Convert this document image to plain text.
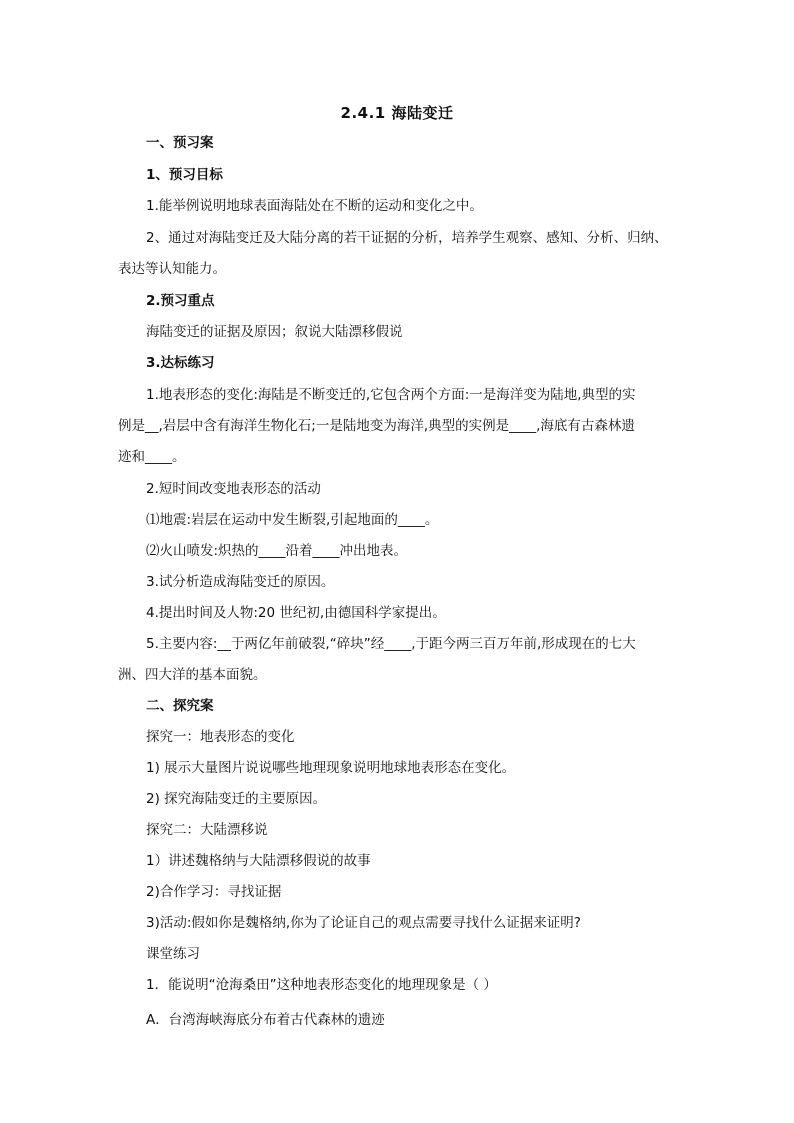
2.4.1 海陆变迁
一、预习案
1、预习目标
1.能举例说明地球表面海陆处在不断的运动和变化之中。
2、通过对海陆变迁及大陆分离的若干证据的分析，培养学生观察、感知、分析、归纳、
表达等认知能力。
2.预习重点
海陆变迁的证据及原因；叙说大陆漂移假说
3.达标练习
1.地表形态的变化:海陆是不断变迁的,它包含两个方面:一是海洋变为陆地,典型的实
例是__,岩层中含有海洋生物化石;一是陆地变为海洋,典型的实例是____,海底有古森林遗
迹和____。
2.短时间改变地表形态的活动
⑴地震:岩层在运动中发生断裂,引起地面的____。
⑵火山喷发:炽热的____沿着____冲出地表。
3.试分析造成海陆变迁的原因。
4.提出时间及人物:20 世纪初,由德国科学家提出。
5.主要内容:__于两亿年前破裂,“碎块”经____,于距今两三百万年前,形成现在的七大
洲、四大洋的基本面貌。
二、探究案
探究一：地表形态的变化
1) 展示大量图片说说哪些地理现象说明地球地表形态在变化。
2) 探究海陆变迁的主要原因。
探究二：大陆漂移说
1）讲述魏格纳与大陆漂移假说的故事
2)合作学习：寻找证据
3)活动:假如你是魏格纳,你为了论证自己的观点需要寻找什么证据来证明?
课堂练习
1．能说明“沧海桑田”这种地表形态变化的地理现象是（ ）
A．台湾海峡海底分布着古代森林的遗迹
